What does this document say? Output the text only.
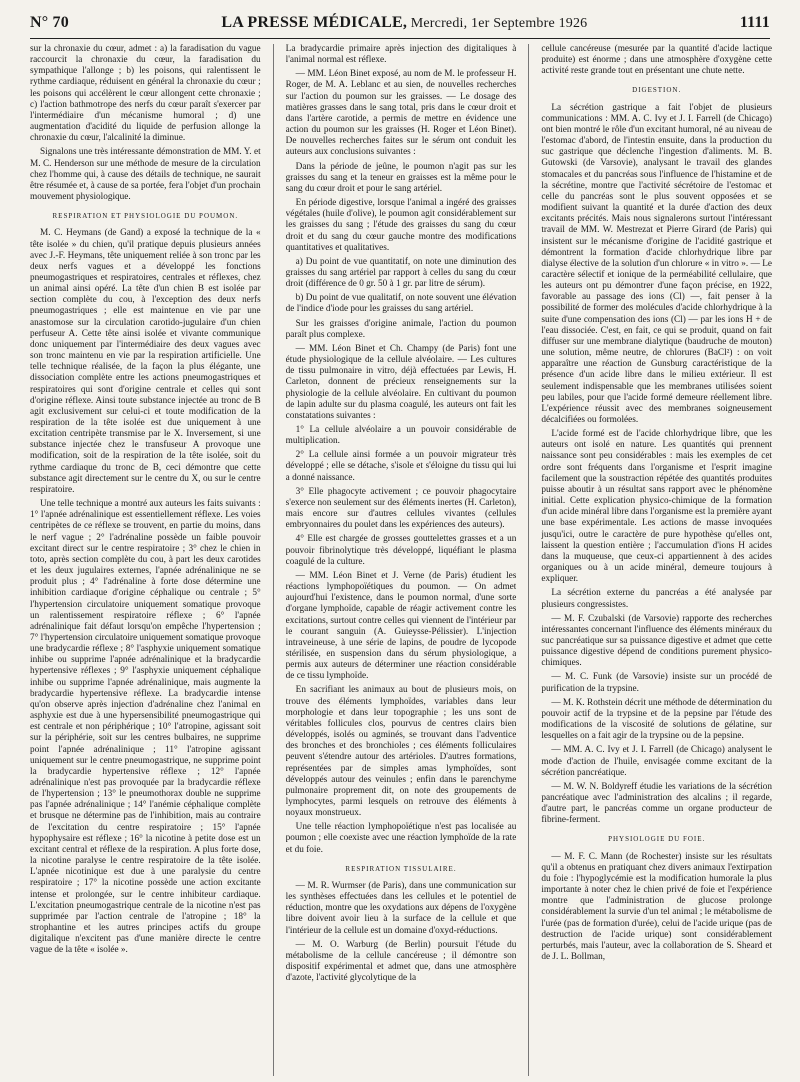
N° 70	LA PRESSE MÉDICALE, Mercredi, 1er Septembre 1926	1111

sur la chronaxie du cœur, admet : a) la faradisation du vague raccourcit la chronaxie du cœur, la faradisation du sympathique l'allonge ; b) les poisons, qui ralentissent le rythme cardiaque, réduisent en général la chronaxie du cœur ; les poisons qui accélèrent le cœur allongent cette chronaxie ; c) l'action bathmotrope des nerfs du cœur paraît s'exercer par l'intermédiaire d'un mécanisme humoral ; d) une augmentation d'acidité du liquide de perfusion allonge la chronaxie du cœur, l'alcalinité la diminue.

Signalons une très intéressante démonstration de MM. Y. et M. C. Henderson sur une méthode de mesure de la circulation chez l'homme qui, à cause des détails de technique, ne saurait être résumée et, à cause de sa portée, fera l'objet d'un prochain mouvement physiologique.

RESPIRATION ET PHYSIOLOGIE DU POUMON.

M. C. Heymans (de Gand) a exposé la technique de la « tête isolée » du chien, qu'il pratique depuis plusieurs années avec J.-F. Heymans, tête uniquement reliée à son tronc par les deux nerfs vagues et a développé les fonctions pneumogastriques et respiratoires, centrales et réflexes, chez un animal ainsi opéré. La tête d'un chien B est isolée par section complète du cou, à l'exception des deux nerfs pneumogastriques ; elle est maintenue en vie par une anastomose sur la circulation carotido-jugulaire d'un chien perfuseur A. Cette tête ainsi isolée et vivante communique donc uniquement par l'intermédiaire des deux vagues avec son tronc maintenu en vie par la respiration artificielle. Une telle technique réalisée, de la façon la plus élégante, une dissociation complète entre les actions pneumogastriques et respiratoires qui sont d'origine centrale et celles qui sont d'origine réflexe. Ainsi toute substance injectée au tronc de B agit exclusivement sur celui-ci et toute modification de la respiration de la tête isolée est due uniquement à une excitation centripète transmise par le X. Inversement, si une substance injectée chez le transfuseur A provoque une modification, soit de la respiration de la tête isolée, soit du rythme cardiaque du tronc de B, ceci démontre que cette substance agit directement sur le centre du X, ou sur le centre respiratoire.

Une telle technique a montré aux auteurs les faits suivants : 1° l'apnée adrénalinique est essentiellement réflexe. Les voies centripètes de ce réflexe se trouvent, en partie du moins, dans le nerf vague ; 2° l'adrénaline possède un faible pouvoir excitant direct sur le centre respiratoire ; 3° chez le chien in toto, après section complète du cou, à part les deux carotides et les deux jugulaires externes, l'apnée adrénalinique ne se produit plus ; 4° l'adrénaline à forte dose détermine une inhibition cardiaque d'origine céphalique ou centrale ; 5° l'hypertension circulatoire uniquement somatique provoque un ralentissement respiratoire réflexe ; 6° l'apnée adrénalinique fait défaut lorsqu'on empêche l'hypertension ; 7° l'hypertension circulatoire uniquement somatique provoque une bradycardie réflexe ; 8° l'asphyxie uniquement somatique inhibe ou supprime l'apnée adrénalinique et la bradycardie hypertensive réflexes ; 9° l'asphyxie uniquement céphalique inhibe ou supprime l'apnée adrénalinique, mais augmente la bradycardie hypertensive réflexe. La bradycardie intense qu'on observe après injection d'adrénaline chez l'animal en asphyxie est due à une hypersensibilité pneumogastrique qui est centrale et non périphérique ; 10° l'atropine, agissant soit sur la périphérie, soit sur les centres bulbaires, ne supprime point l'apnée adrénalinique ; 11° l'atropine agissant uniquement sur le centre pneumogastrique, ne supprime point la bradycardie hypertensive réflexe ; 12° l'apnée adrénalinique n'est pas provoquée par la bradycardie réflexe de l'hypertension ; 13° le pneumothorax double ne supprime pas l'apnée adrénalinique ; 14° l'anémie céphalique complète et brusque ne détermine pas de l'inhibition, mais au contraire de l'excitation du centre respiratoire ; 15° l'apnée hypophysaire est réflexe ; 16° la nicotine à petite dose est un excitant central et réflexe de la respiration. A plus forte dose, la nicotine paralyse le centre respiratoire de la tête isolée. L'apnée nicotinique est due à une paralysie du centre respiratoire ; 17° la nicotine possède une action excitante intense et prolongée, sur le centre inhibiteur cardiaque. L'excitation pneumogastrique centrale de la nicotine n'est pas supprimée par l'action centrale de l'atropine ; 18° la strophantine et les autres principes actifs du groupe digitalique n'excitent pas d'une manière directe le centre vague de la tête « isolée ».

La bradycardie primaire après injection des digitaliques à l'animal normal est réflexe.

— MM. Léon Binet exposé, au nom de M. le professeur H. Roger, de M. A. Leblanc et au sien, de nouvelles recherches sur l'action du poumon sur les graisses. — Le dosage des matières grasses dans le sang total, pris dans le cœur droit et dans l'artère carotide, a permis de mettre en évidence une action du poumon sur les graisses (H. Roger et Léon Binet). De nouvelles recherches faites sur le sérum ont conduit les auteurs aux conclusions suivantes :

Dans la période de jeûne, le poumon n'agit pas sur les graisses du sang et la teneur en graisses est la même pour le sang du cœur droit et pour le sang artériel.

En période digestive, lorsque l'animal a ingéré des graisses végétales (huile d'olive), le poumon agit considérablement sur les graisses du sang ; l'étude des graisses du sang du cœur droit et du sang du cœur gauche montre des modifications quantitatives et qualitatives.

a) Du point de vue quantitatif, on note une diminution des graisses du sang artériel par rapport à celles du sang du cœur droit (différence de 0 gr. 50 à 1 gr. par litre de sérum).

b) Du point de vue qualitatif, on note souvent une élévation de l'indice d'iode pour les graisses du sang artériel.

Sur les graisses d'origine animale, l'action du poumon paraît plus complexe.

— MM. Léon Binet et Ch. Champy (de Paris) font une étude physiologique de la cellule alvéolaire. — Les cultures de tissu pulmonaire in vitro, déjà effectuées par Lewis, H. Carleton, donnent de précieux renseignements sur la physiologie de la cellule alvéolaire. En cultivant du poumon de lapin adulte sur du plasma coagulé, les auteurs ont fait les constatations suivantes :

1° La cellule alvéolaire a un pouvoir considérable de multiplication.

2° La cellule ainsi formée a un pouvoir migrateur très développé ; elle se détache, s'isole et s'éloigne du tissu qui lui a donné naissance.

3° Elle phagocyte activement ; ce pouvoir phagocytaire s'exerce non seulement sur des éléments inertes (H. Carleton), mais encore sur d'autres cellules vivantes (cellules embryonnaires du poulet dans les expériences des auteurs).

4° Elle est chargée de grosses gouttelettes grasses et a un pouvoir fibrinolytique très développé, liquéfiant le plasma coagulé de la culture.

— MM. Léon Binet et J. Verne (de Paris) étudient les réactions lymphopoïétiques du poumon. — On admet aujourd'hui l'existence, dans le poumon normal, d'une sorte d'organe lymphoïde, capable de réagir activement contre les excitations, surtout contre celles qui viennent de l'intérieur par le courant sanguin (A. Guieysse-Pélissier). L'injection intraveineuse, à une série de lapins, de poudre de lycopode stérilisée, en suspension dans du sérum physiologique, a permis aux auteurs de déterminer une réaction considérable de ce tissu lymphoïde.

En sacrifiant les animaux au bout de plusieurs mois, on trouve des éléments lymphoïdes, variables dans leur morphologie et dans leur topographie ; les uns sont de véritables follicules clos, pourvus de centres clairs bien développés, isolés ou agminés, se trouvant dans l'adventice des bronches et des bronchioles ; ces éléments folliculaires peuvent s'étendre autour des artérioles. D'autres formations, représentées par de simples amas lymphoïdes, sont développés autour des veinules ; enfin dans le parenchyme pulmonaire proprement dit, on note des groupements de lymphocytes, parmi lesquels on retrouve des éléments à noyaux monstrueux.

Une telle réaction lymphopoïétique n'est pas localisée au poumon ; elle coexiste avec une réaction lymphoïde de la rate et du foie.

RESPIRATION TISSULAIRE.

— M. R. Wurmser (de Paris), dans une communication sur les synthèses effectuées dans les cellules et le potentiel de réduction, montre que les oxydations aux dépens de l'oxygène libre doivent avoir lieu à la surface de la cellule et que l'intérieur de la cellule est un domaine d'oxyd-réductions.

— M. O. Warburg (de Berlin) poursuit l'étude du métabolisme de la cellule cancéreuse ; il démontre son dispositif expérimental et admet que, dans une atmosphère d'azote, l'activité glycolytique de la

cellule cancéreuse (mesurée par la quantité d'acide lactique produite) est énorme ; dans une atmosphère d'oxygène cette activité reste grande tout en présentant une chute nette.

DIGESTION.

La sécrétion gastrique a fait l'objet de plusieurs communications : MM. A. C. Ivy et J. I. Farrell (de Chicago) ont bien montré le rôle d'un excitant humoral, né au niveau de l'estomac d'abord, de l'intestin ensuite, dans la production du suc gastrique que déclenche l'ingestion d'aliments. M. B. Gutowski (de Varsovie), analysant le travail des glandes stomacales et du pancréas sous l'influence de l'histamine et de la sécrétine, montre que l'activité sécrétoire de l'estomac et celle du pancréas sont le plus souvent opposées et se modifient suivant la quantité et la durée d'action des deux excitants précités. Mais nous signalerons surtout l'intéressant travail de MM. W. Mestrezat et Pierre Girard (de Paris) qui insistent sur le mécanisme d'origine de l'acidité gastrique et démontrent la formation d'acide chlorhydrique libre par dialyse élective de la solution d'un chlorure « in vitro ». — Le caractère sélectif et ionique de la perméabilité cellulaire, que les auteurs ont pu démontrer d'une façon précise, en 1922, favorable au passage des ions (Cl) —, fait penser à la possibilité de former des molécules d'acide chlorhydrique à la suite d'une compensation des ions (Cl) — par les ions H + de l'eau dissociée. C'est, en fait, ce qui se produit, quand on fait diffuser sur une membrane dialytique (baudruche de mouton) une solution, même neutre, de chlorures (BaCl²) : on voit apparaître une réaction de Gunsburg caractéristique de la présence d'un acide libre dans le milieu extérieur. Il est seulement indispensable que les membranes utilisées soient peu labiles, pour que l'acide formé demeure réellement libre. L'expérience réussit avec des membranes soigneusement décalcifiées ou formolées.

L'acide formé est de l'acide chlorhydrique libre, que les auteurs ont isolé en nature. Les quantités qui prennent naissance sont peu considérables : mais les exemples de cet ordre sont fréquents dans l'organisme et l'esprit imagine facilement que la soustraction répétée des quantités produites puisse aboutir à un résultat sans rapport avec le phénomène initial. Cette explication physico-chimique de la formation d'un acide minéral libre dans l'organisme est la première ayant une base expérimentale. Les actions de masse invoquées jusqu'ici, outre le caractère de pure hypothèse qu'elles ont, laissent la question entière ; l'accumulation d'ions H acides dans la muqueuse, que ceux-ci appartiennent à des acides organiques ou à un acide minéral, demeure toujours à expliquer.

La sécrétion externe du pancréas a été analysée par plusieurs congressistes.

— M. F. Czubalski (de Varsovie) rapporte des recherches intéressantes concernant l'influence des éléments minéraux du suc pancréatique sur sa puissance digestive et admet que cette puissance digestive dépend de conditions purement physico-chimiques.

— M. C. Funk (de Varsovie) insiste sur un procédé de purification de la trypsine.

— M. K. Rothstein décrit une méthode de détermination du pouvoir actif de la trypsine et de la pepsine par l'étude des modifications de la viscosité de solutions de gélatine, sur lesquelles on a fait agir de la trypsine ou de la pepsine.

— MM. A. C. Ivy et J. I. Farrell (de Chicago) analysent le mode d'action de l'huile, envisagée comme excitant de la sécrétion pancréatique.

— M. W. N. Boldyreff étudie les variations de la sécrétion pancréatique avec l'administration des alcalins ; il regarde, d'autre part, le pancréas comme un organe producteur de fibrine-ferment.

PHYSIOLOGIE DU FOIE.

— M. F. C. Mann (de Rochester) insiste sur les résultats qu'il a obtenus en pratiquant chez divers animaux l'extirpation du foie : l'hypoglycémie est la modification humorale la plus importante à noter chez le chien privé de foie et l'expérience montre que l'administration de glucose prolonge considérablement la survie d'un tel animal ; le métabolisme de l'urée (pas de formation d'urée), celui de l'acide urique (pas de destruction de l'acide urique) sont considérablement perturbés, mais l'auteur, avec la collaboration de S. Sheard et de J. L. Bollman,
